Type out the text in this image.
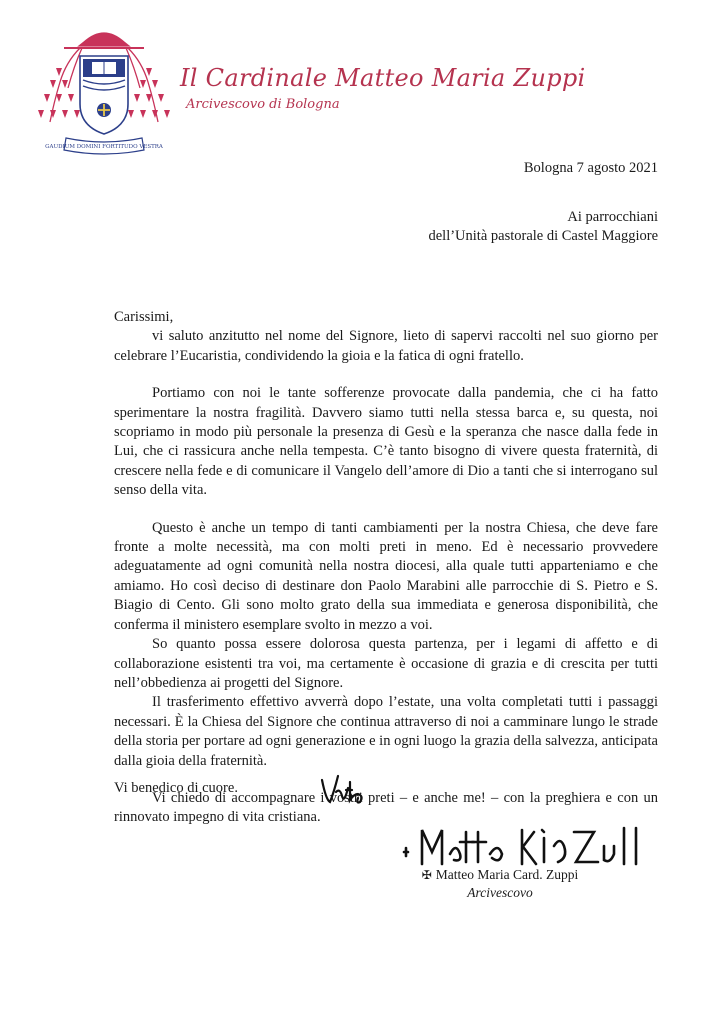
GAUDIUM DOMINI FORTITUDO VESTRA
Il Cardinale Matteo Maria Zuppi
Arcivescovo di Bologna
Bologna 7 agosto 2021
Ai parrocchiani
dell’Unità pastorale di Castel Maggiore

Carissimi,

vi saluto anzitutto nel nome del Signore, lieto di sapervi raccolti nel suo giorno per celebrare l’Eucaristia, condividendo la gioia e la fatica di ogni fratello.

Portiamo con noi le tante sofferenze provocate dalla pandemia, che ci ha fatto sperimentare la nostra fragilità. Davvero siamo tutti nella stessa barca e, su questa, noi scopriamo in modo più personale la presenza di Gesù e la speranza che nasce dalla fede in Lui, che ci rassicura anche nella tempesta. C’è tanto bisogno di vivere questa fraternità, di crescere nella fede e di comunicare il Vangelo dell’amore di Dio a tanti che si interrogano sul senso della vita.

Questo è anche un tempo di tanti cambiamenti per la nostra Chiesa, che deve fare fronte a molte necessità, ma con molti preti in meno. Ed è necessario provvedere adeguatamente ad ogni comunità nella nostra diocesi, alla quale tutti apparteniamo e che amiamo. Ho così deciso di destinare don Paolo Marabini alle parrocchie di S. Pietro e S. Biagio di Cento. Gli sono molto grato della sua immediata e generosa disponibilità, che conferma il ministero esemplare svolto in mezzo a voi.

So quanto possa essere dolorosa questa partenza, per i legami di affetto e di collaborazione esistenti tra voi, ma certamente è occasione di grazia e di crescita per tutti nell’obbedienza ai progetti del Signore.

Il trasferimento effettivo avverrà dopo l’estate, una volta completati tutti i passaggi necessari. È la Chiesa del Signore che continua attraverso di noi a camminare lungo le strade della storia per portare ad ogni generazione e in ogni luogo la grazia della salvezza, anticipata dalla gioia della fraternità.

Vi chiedo di accompagnare i vostri preti – e anche me! – con la preghiera e con un rinnovato impegno di vita cristiana.

Vi benedico di cuore.
✠ Matteo Maria Card. Zuppi
Arcivescovo
